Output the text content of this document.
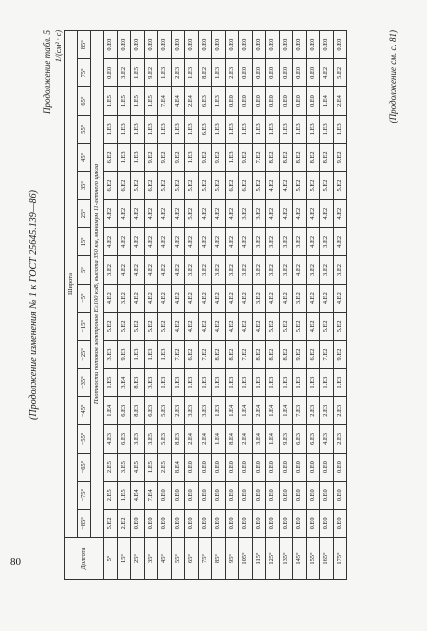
80
(Продолжение изменения № 1 к ГОСТ 25645.139—86)
Продолжение табл. 5 1/(см² · с)
Долгота	Широта																	
	−85°	−75°	−65°	−55°	−45°	−35°	−25°	−15°	−5°	5°	15°	25°	35°	45°	55°	65°	75°	85°
	Плотности потоков электронов Е≥100 кэВ, высота 350 км, минимум 11-летнего цикла																	
5°	5.E2	2.E5	2.E5	4.E3	1.E4	1.E5	3.E3	5.E2	4.E2	3.E2	4.E2	4.E2	6.E2	6.E2	1.E3	1.E5	0.E0	0.E0
15°	2.E2	1.E5	3.E5	6.E3	6.E3	3.E4	9.E3	5.E2	3.E2	4.E2	4.E2	4.E2	6.E2	1.E3	1.E3	1.E5	3.E2	0.E0
25°	0.E0	4.E4	4.E5	3.E3	8.E3	8.E3	1.E3	5.E2	4.E2	4.E2	4.E2	4.E2	5.E2	1.E3	1.E3	1.E5	1.E5	0.E0
35°	0.E0	7.E4	1.E5	3.E5	6.E3	3.E3	1.E3	5.E2	4.E2	4.E2	4.E2	4.E2	6.E2	9.E2	1.E3	1.E5	9.E2	0.E0
45°	0.E0	0.E0	2.E5	5.E3	5.E3	1.E3	1.E3	5.E2	4.E2	4.E2	4.E2	4.E2	5.E2	9.E2	1.E3	7.E4	1.E3	0.E0
55°	0.E0	0.E0	8.E4	8.E3	2.E3	1.E3	7.E2	4.E2	4.E2	4.E2	4.E2	4.E2	5.E2	9.E2	1.E3	4.E4	2.E3	0.E0
65°	0.E0	0.E0	0.E0	2.E4	3.E3	1.E3	6.E2	4.E2	4.E2	3.E2	4.E2	5.E2	5.E2	1.E3	1.E3	2.E4	1.E3	0.E0
75°	0.E0	0.E0	0.E0	2.E4	3.E3	1.E3	7.E2	4.E2	4.E2	3.E2	4.E2	4.E2	5.E2	9.E2	6.E3	6.E3	8.E2	0.E0
85°	0.E0	0.E0	0.E0	1.E4	1.E3	1.E3	8.E2	4.E2	4.E2	3.E2	4.E2	4.E2	5.E2	9.E2	1.E3	1.E3	1.E3	0.E0
95°	0.E0	0.E0	0.E0	8.E4	1.E4	1.E3	8.E2	4.E2	4.E2	3.E2	4.E2	4.E2	6.E2	1.E3	1.E3	0.E0	2.E3	0.E0
105°	0.E0	0.E0	0.E0	2.E4	1.E4	1.E3	7.E2	4.E2	4.E2	3.E2	4.E2	3.E2	6.E2	9.E2	1.E3	0.E0	0.E0	0.E0
115°	0.E0	0.E0	0.E0	3.E4	2.E4	1.E3	8.E2	4.E2	3.E2	3.E2	3.E2	3.E2	5.E2	7.E2	1.E3	0.E0	0.E0	0.E0
125°	0.E0	0.E0	0.E0	1.E4	1.E4	1.E3	8.E2	5.E2	4.E2	3.E2	3.E2	4.E2	4.E2	8.E2	1.E3	0.E0	0.E0	0.E0
135°	0.E0	0.E0	0.E0	9.E3	1.E4	1.E3	8.E2	5.E2	4.E2	3.E2	3.E2	4.E2	4.E2	8.E2	1.E3	0.E0	0.E0	0.E0
145°	0.E0	0.E0	0.E0	6.E3	7.E3	1.E3	9.E2	5.E2	3.E2	4.E2	3.E2	4.E2	5.E2	8.E2	1.E3	0.E0	0.E0	0.E0
155°	0.E0	0.E0	0.E0	6.E3	2.E3	1.E3	6.E2	4.E2	4.E2	3.E2	4.E2	4.E2	5.E2	8.E2	1.E3	0.E0	0.E0	0.E0
165°	0.E0	0.E0	0.E0	4.E3	2.E3	1.E3	7.E2	5.E2	4.E2	3.E2	3.E2	4.E2	5.E2	8.E2	1.E3	1.E4	4.E2	0.E0
175°	0.E0	0.E0	0.E0	2.E3	2.E3	1.E3	9.E2	5.E2	4.E2	3.E2	4.E2	4.E2	5.E2	9.E2	1.E3	2.E4	5.E2	0.E0	(Продолжение см. с. 81)
